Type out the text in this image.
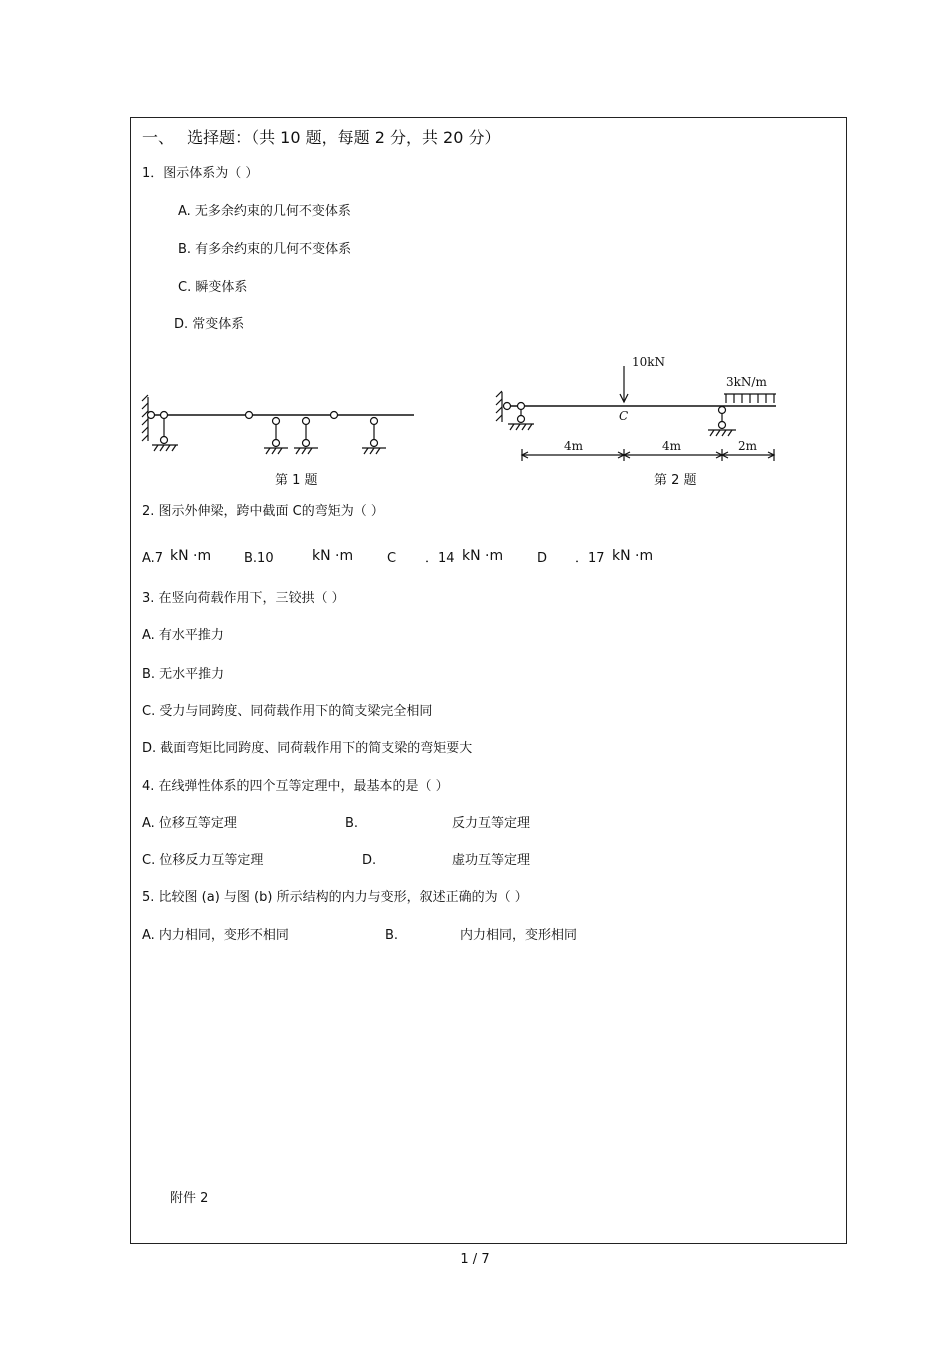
一、　 选择题：（共 10 题，每题 2 分，共 20 分）
1．图示体系为（ ）
A. 无多余约束的几何不变体系
B. 有多余约束的几何不变体系
C. 瞬变体系
D. 常变体系
第 1 题
10kN
3kN/m
C
4m	4m	2m
第 2 题
2. 图示外伸梁，跨中截面 C的弯矩为（ ）
A.7 kN ·m	B.10	kN ·m	C ．14 kN ·m	D ．17 kN ·m
3. 在竖向荷载作用下，三铰拱（ ）
A. 有水平推力
B. 无水平推力
C. 受力与同跨度、同荷载作用下的简支梁完全相同
D. 截面弯矩比同跨度、同荷载作用下的简支梁的弯矩要大
4. 在线弹性体系的四个互等定理中，最基本的是（ ）
A. 位移互等定理	B.	反力互等定理
C. 位移反力互等定理	D.	虚功互等定理
5. 比较图 (a) 与图 (b) 所示结构的内力与变形，叙述正确的为（ ）
A. 内力相同，变形不相同	B.	内力相同，变形相同
附件 2
1 / 7
